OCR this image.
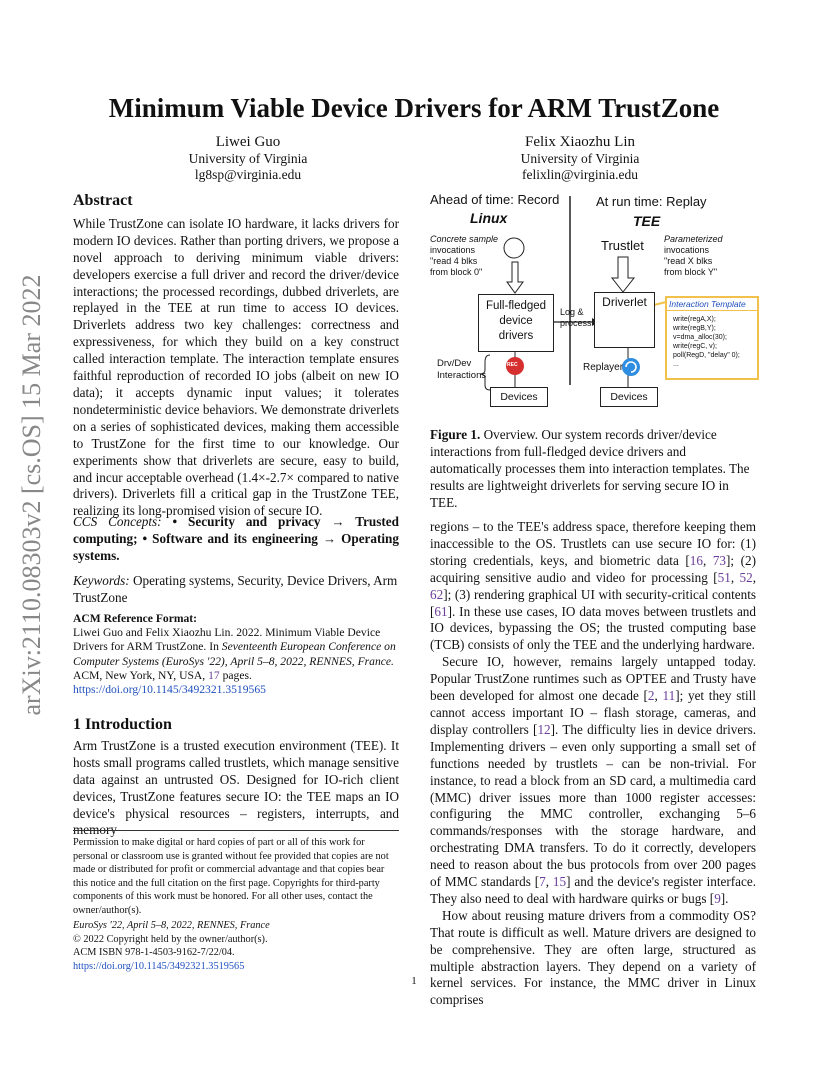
Minimum Viable Device Drivers for ARM TrustZone
Liwei Guo
University of Virginia
lg8sp@virginia.edu
Felix Xiaozhu Lin
University of Virginia
felixlin@virginia.edu
arXiv:2110.08303v2 [cs.OS] 15 Mar 2022
Abstract

While TrustZone can isolate IO hardware, it lacks drivers for modern IO devices. Rather than porting drivers, we propose a novel approach to deriving minimum viable drivers: developers exercise a full driver and record the driver/device interactions; the processed recordings, dubbed driverlets, are replayed in the TEE at run time to access IO devices. Driverlets address two key challenges: correctness and expressiveness, for which they build on a key construct called interaction template. The interaction template ensures faithful reproduction of recorded IO jobs (albeit on new IO data); it accepts dynamic input values; it tolerates nondeterministic device behaviors. We demonstrate driverlets on a series of sophisticated devices, making them accessible to TrustZone for the first time to our knowledge. Our experiments show that driverlets are secure, easy to build, and incur acceptable overhead (1.4×-2.7× compared to native drivers). Driverlets fill a critical gap in the TrustZone TEE, realizing its long-promised vision of secure IO.

CCS Concepts: • Security and privacy → Trusted computing; • Software and its engineering → Operating systems.
Keywords: Operating systems, Security, Device Drivers, Arm TrustZone
ACM Reference Format:
Liwei Guo and Felix Xiaozhu Lin. 2022. Minimum Viable Device Drivers for ARM TrustZone. In Seventeenth European Conference on Computer Systems (EuroSys '22), April 5–8, 2022, RENNES, France. ACM, New York, NY, USA, 17 pages. https://doi.org/10.1145/3492321.3519565
1 Introduction

Arm TrustZone is a trusted execution environment (TEE). It hosts small programs called trustlets, which manage sensitive data against an untrusted OS. Designed for IO-rich client devices, TrustZone features secure IO: the TEE maps an IO device's physical resources – registers, interrupts, and memory

Permission to make digital or hard copies of part or all of this work for personal or classroom use is granted without fee provided that copies are not made or distributed for profit or commercial advantage and that copies bear this notice and the full citation on the first page. Copyrights for third-party components of this work must be honored. For all other uses, contact the owner/author(s).
EuroSys '22, April 5–8, 2022, RENNES, France
© 2022 Copyright held by the owner/author(s).
ACM ISBN 978-1-4503-9162-7/22/04.
https://doi.org/10.1145/3492321.3519565
Ahead of time: Record
Linux
At run time: Replay
TEE
Concrete sample
invocations
"read 4 blks
from block 0"
Trustlet Parameterized
invocations
"read X blks
from block Y"
Full-fledged
device
drivers
Log &
process
Driverlet	Interaction Template
write(regA,X);
write(regB,Y);
v=dma_alloc(30);
write(regC, v);
poll(RegD, "delay" 0);
...
REC
Drv/Dev
Interactions
Replayer
Devices	Devices
Figure 1. Overview. Our system records driver/device interactions from full-fledged device drivers and automatically processes them into interaction templates. The results are lightweight driverlets for serving secure IO in TEE.

regions – to the TEE's address space, therefore keeping them inaccessible to the OS. Trustlets can use secure IO for: (1) storing credentials, keys, and biometric data [16, 73]; (2) acquiring sensitive audio and video for processing [51, 52, 62]; (3) rendering graphical UI with security-critical contents [61]. In these use cases, IO data moves between trustlets and IO devices, bypassing the OS; the trusted computing base (TCB) consists of only the TEE and the underlying hardware.

Secure IO, however, remains largely untapped today. Popular TrustZone runtimes such as OPTEE and Trusty have been developed for almost one decade [2, 11]; yet they still cannot access important IO – flash storage, cameras, and display controllers [12]. The difficulty lies in device drivers. Implementing drivers – even only supporting a small set of functions needed by trustlets – can be non-trivial. For instance, to read a block from an SD card, a multimedia card (MMC) driver issues more than 1000 register accesses: configuring the MMC controller, exchanging 5–6 commands/responses with the storage hardware, and orchestrating DMA transfers. To do it correctly, developers need to reason about the bus protocols from over 200 pages of MMC standards [7, 15] and the device's register interface. They also need to deal with hardware quirks or bugs [9].

How about reusing mature drivers from a commodity OS? That route is difficult as well. Mature drivers are designed to be comprehensive. They are often large, structured as multiple abstraction layers. They depend on a variety of kernel services. For instance, the MMC driver in Linux comprises

1
